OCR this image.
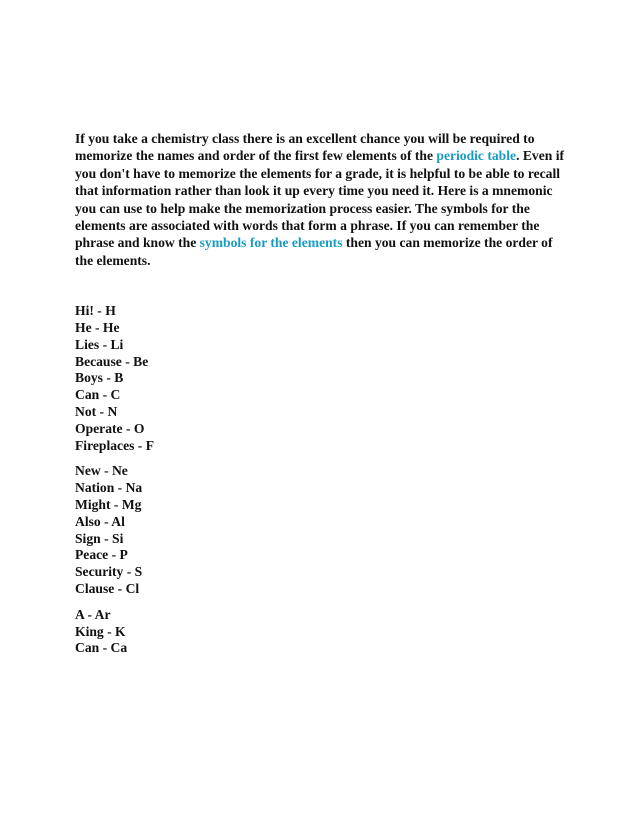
If you take a chemistry class there is an excellent chance you will be required to memorize the names and order of the first few elements of the periodic table. Even if you don't have to memorize the elements for a grade, it is helpful to be able to recall that information rather than look it up every time you need it. Here is a mnemonic you can use to help make the memorization process easier. The symbols for the elements are associated with words that form a phrase. If you can remember the phrase and know the symbols for the elements then you can memorize the order of the elements.

Hi! - H
He - He
Lies - Li
Because - Be
Boys - B
Can - C
Not - N
Operate - O
Fireplaces - F
New - Ne
Nation - Na
Might - Mg
Also - Al
Sign - Si
Peace - P
Security - S
Clause - Cl
A - Ar
King - K
Can - Ca
